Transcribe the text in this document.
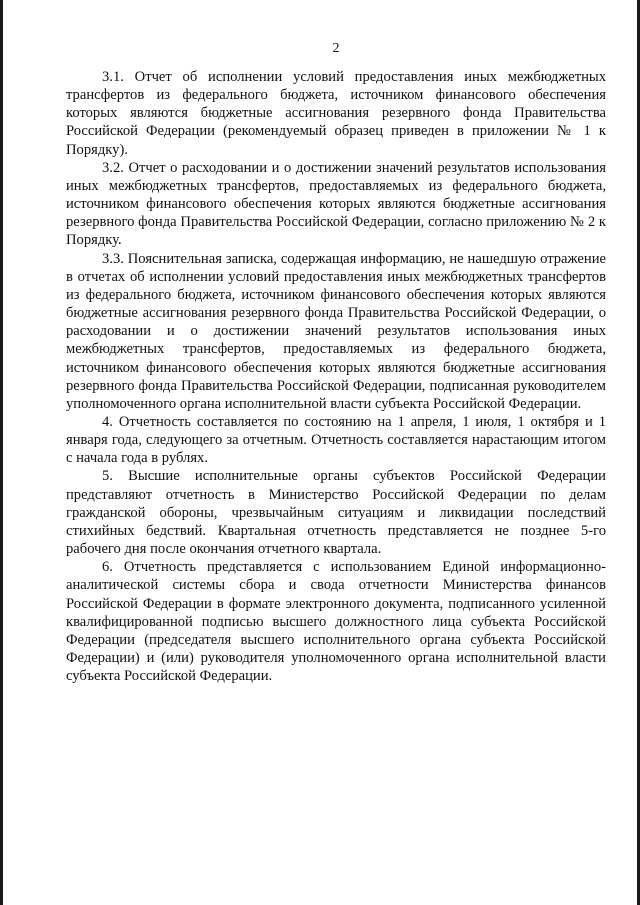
2

3.1. Отчет об исполнении условий предоставления иных межбюджетных трансфертов из федерального бюджета, источником финансового обеспечения которых являются бюджетные ассигнования резервного фонда Правительства Российской Федерации (рекомендуемый образец приведен в приложении № 1 к Порядку).

3.2. Отчет о расходовании и о достижении значений результатов использования иных межбюджетных трансфертов, предоставляемых из федерального бюджета, источником финансового обеспечения которых являются бюджетные ассигнования резервного фонда Правительства Российской Федерации, согласно приложению № 2 к Порядку.

3.3. Пояснительная записка, содержащая информацию, не нашедшую отражение в отчетах об исполнении условий предоставления иных межбюджетных трансфертов из федерального бюджета, источником финансового обеспечения которых являются бюджетные ассигнования резервного фонда Правительства Российской Федерации, о расходовании и о достижении значений результатов использования иных межбюджетных трансфертов, предоставляемых из федерального бюджета, источником финансового обеспечения которых являются бюджетные ассигнования резервного фонда Правительства Российской Федерации, подписанная руководителем уполномоченного органа исполнительной власти субъекта Российской Федерации.

4. Отчетность составляется по состоянию на 1 апреля, 1 июля, 1 октября и 1 января года, следующего за отчетным. Отчетность составляется нарастающим итогом с начала года в рублях.

5. Высшие исполнительные органы субъектов Российской Федерации представляют отчетность в Министерство Российской Федерации по делам гражданской обороны, чрезвычайным ситуациям и ликвидации последствий стихийных бедствий. Квартальная отчетность представляется не позднее 5-го рабочего дня после окончания отчетного квартала.

6. Отчетность представляется с использованием Единой информационно-аналитической системы сбора и свода отчетности Министерства финансов Российской Федерации в формате электронного документа, подписанного усиленной квалифицированной подписью высшего должностного лица субъекта Российской Федерации (председателя высшего исполнительного органа субъекта Российской Федерации) и (или) руководителя уполномоченного органа исполнительной власти субъекта Российской Федерации.
